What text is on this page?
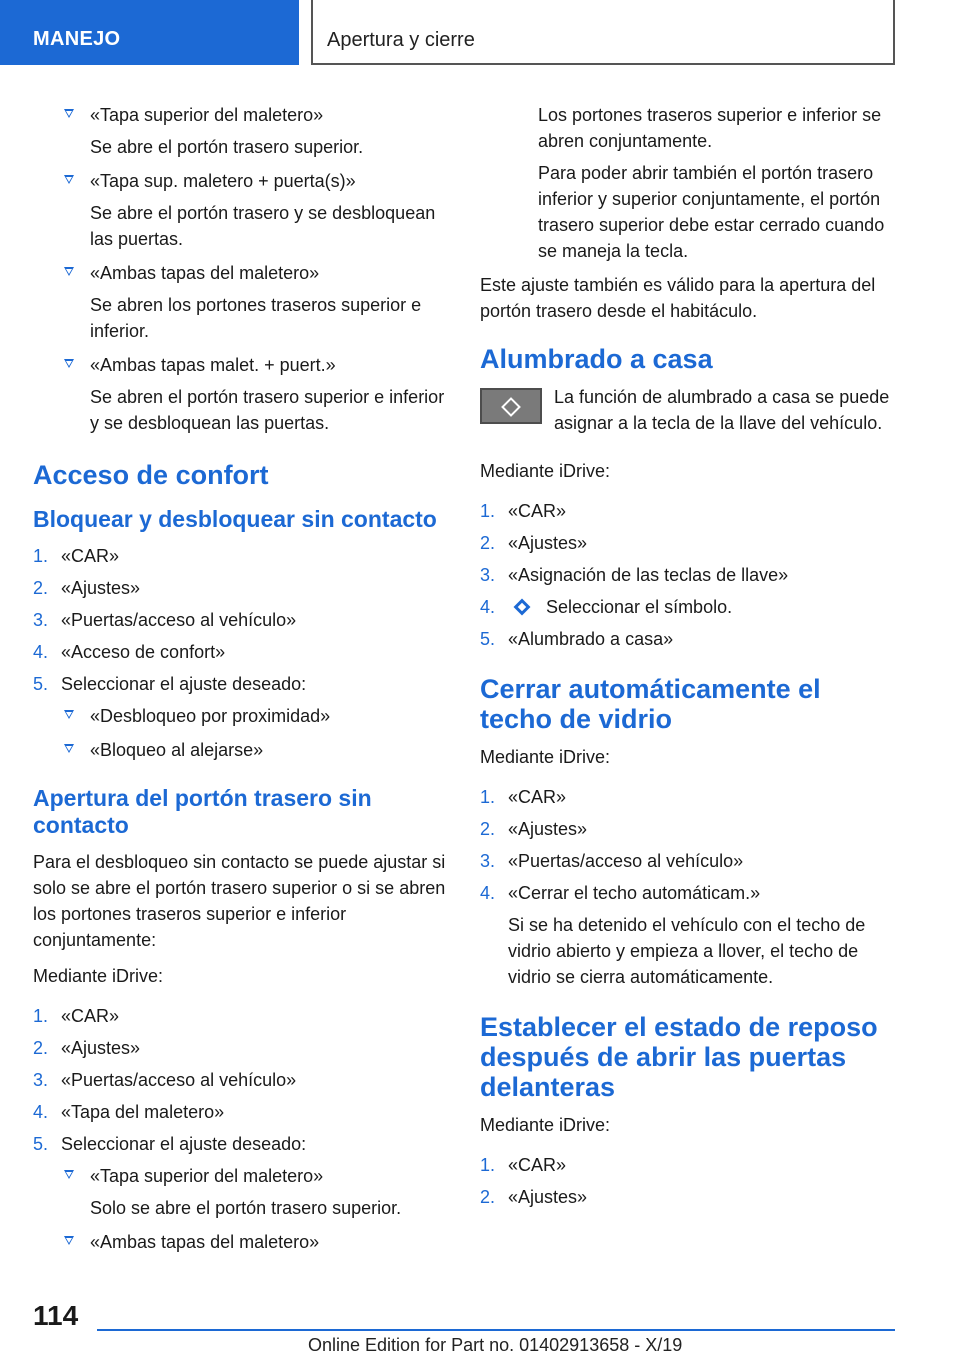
MANEJO	Apertura y cierre
«Tapa superior del maletero»
Se abre el portón trasero superior.
«Tapa sup. maletero + puerta(s)»
Se abre el portón trasero y se desbloquean las puertas.
«Ambas tapas del maletero»
Se abren los portones traseros superior e inferior.
«Ambas tapas malet. + puert.»
Se abren el portón trasero superior e inferior y se desbloquean las puertas.
Acceso de confort
Bloquear y desbloquear sin contacto
1. «CAR»
2. «Ajustes»
3. «Puertas/acceso al vehículo»
4. «Acceso de confort»
5. Seleccionar el ajuste deseado:
«Desbloqueo por proximidad»
«Bloqueo al alejarse»
Apertura del portón trasero sin contacto

Para el desbloqueo sin contacto se puede ajustar si solo se abre el portón trasero superior o si se abren los portones traseros superior e inferior conjuntamente:

Mediante iDrive:

1. «CAR»
2. «Ajustes»
3. «Puertas/acceso al vehículo»
4. «Tapa del maletero»
5. Seleccionar el ajuste deseado:
«Tapa superior del maletero»
Solo se abre el portón trasero superior.
«Ambas tapas del maletero»

Los portones traseros superior e inferior se abren conjuntamente.

Para poder abrir también el portón trasero inferior y superior conjuntamente, el portón trasero superior debe estar cerrado cuando se maneja la tecla.

Este ajuste también es válido para la apertura del portón trasero desde el habitáculo.

Alumbrado a casa

La función de alumbrado a casa se puede asignar a la tecla de la llave del vehículo.

Mediante iDrive:

1. «CAR»
2. «Ajustes»
3. «Asignación de las teclas de llave»
4.	Seleccionar el símbolo.
5. «Alumbrado a casa»
Cerrar automáticamente el techo de vidrio

Mediante iDrive:

1. «CAR»
2. «Ajustes»
3. «Puertas/acceso al vehículo»
4. «Cerrar el techo automáticam.»
Si se ha detenido el vehículo con el techo de vidrio abierto y empieza a llover, el techo de vidrio se cierra automáticamente.
Establecer el estado de reposo después de abrir las puertas delanteras

Mediante iDrive:

1. «CAR»
2. «Ajustes»
114
Online Edition for Part no. 01402913658 - X/19
